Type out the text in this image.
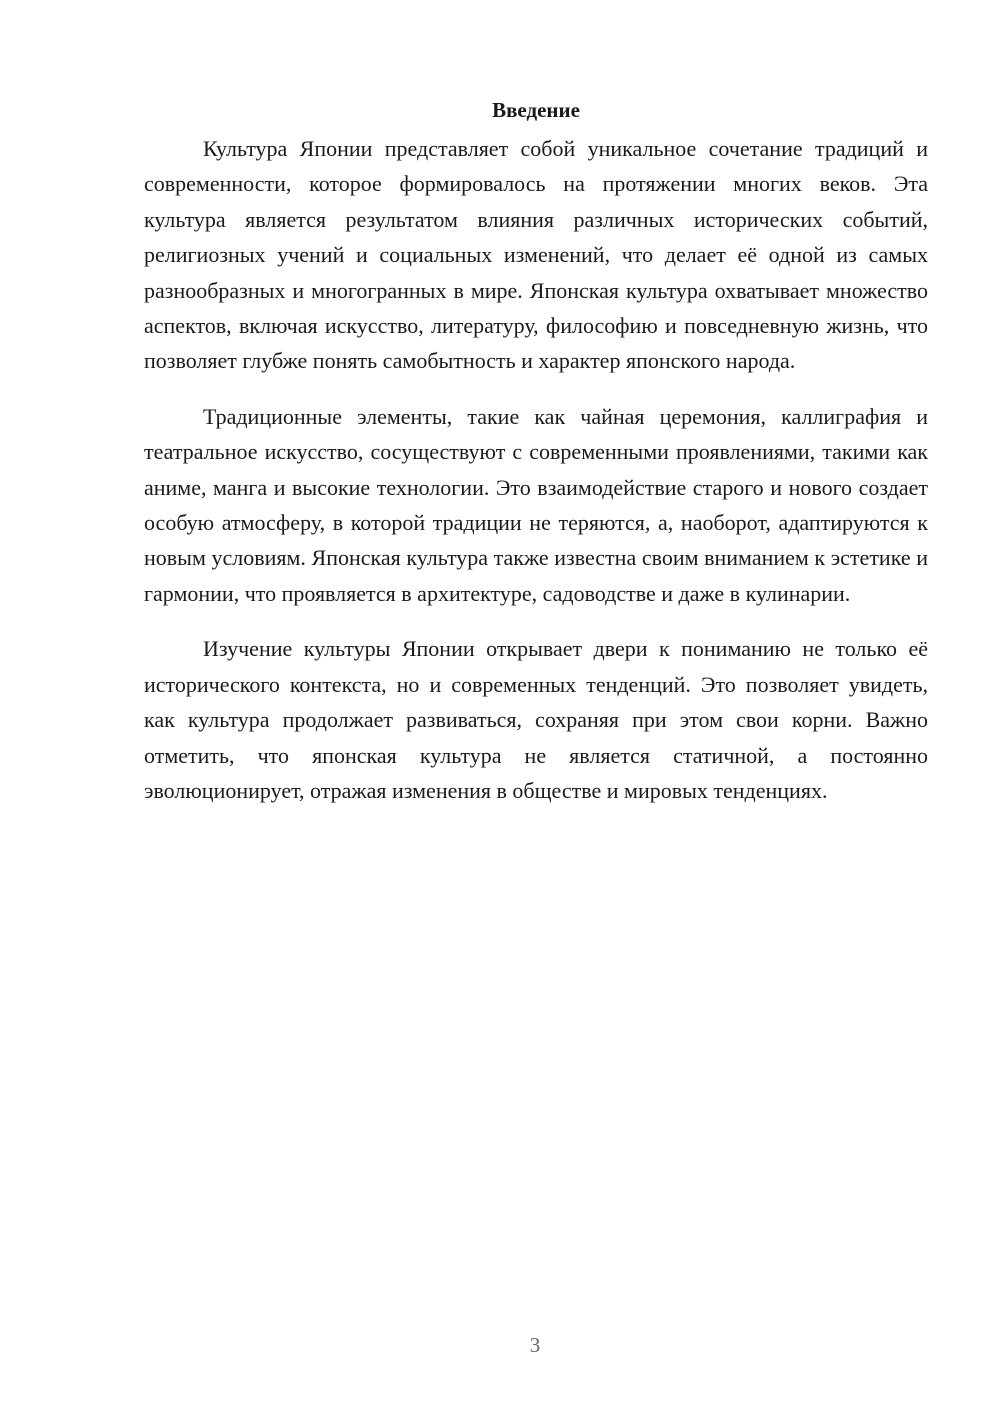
Введение

Культура Японии представляет собой уникальное сочетание традиций и современности, которое формировалось на протяжении многих веков. Эта культура является результатом влияния различных исторических событий, религиозных учений и социальных изменений, что делает её одной из самых разнообразных и многогранных в мире. Японская культура охватывает множество аспектов, включая искусство, литературу, философию и повседневную жизнь, что позволяет глубже понять самобытность и характер японского народа.

Традиционные элементы, такие как чайная церемония, каллиграфия и театральное искусство, сосуществуют с современными проявлениями, такими как аниме, манга и высокие технологии. Это взаимодействие старого и нового создает особую атмосферу, в которой традиции не теряются, а, наоборот, адаптируются к новым условиям. Японская культура также известна своим вниманием к эстетике и гармонии, что проявляется в архитектуре, садоводстве и даже в кулинарии.

Изучение культуры Японии открывает двери к пониманию не только её исторического контекста, но и современных тенденций. Это позволяет увидеть, как культура продолжает развиваться, сохраняя при этом свои корни. Важно отметить, что японская культура не является статичной, а постоянно эволюционирует, отражая изменения в обществе и мировых тенденциях.

3
